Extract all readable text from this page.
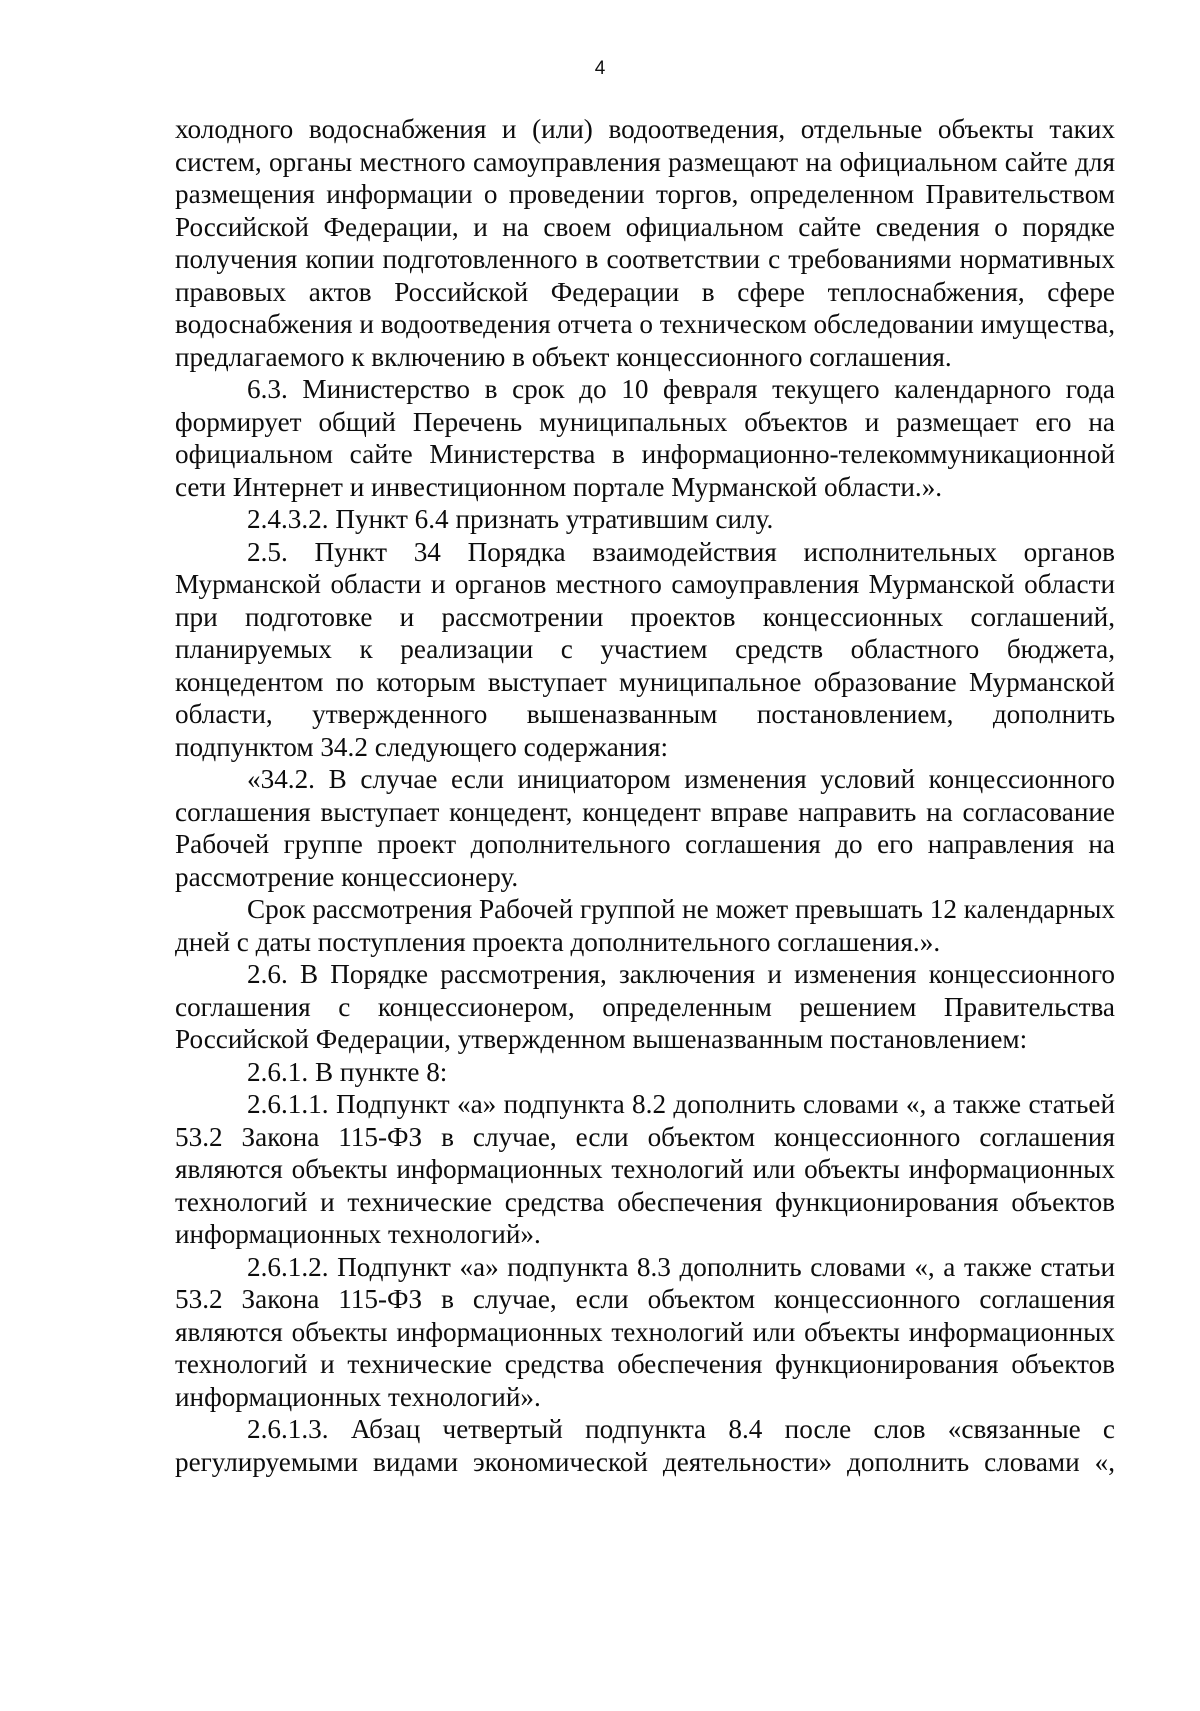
4

холодного водоснабжения и (или) водоотведения, отдельные объекты таких систем, органы местного самоуправления размещают на официальном сайте для размещения информации о проведении торгов, определенном Правительством Российской Федерации, и на своем официальном сайте сведения о порядке получения копии подготовленного в соответствии с требованиями нормативных правовых актов Российской Федерации в сфере теплоснабжения, сфере водоснабжения и водоотведения отчета о техническом обследовании имущества, предлагаемого к включению в объект концессионного соглашения.

6.3. Министерство в срок до 10 февраля текущего календарного года формирует общий Перечень муниципальных объектов и размещает его на официальном сайте Министерства в информационно-телекоммуникационной сети Интернет и инвестиционном портале Мурманской области.».

2.4.3.2. Пункт 6.4 признать утратившим силу.

2.5. Пункт 34 Порядка взаимодействия исполнительных органов Мурманской области и органов местного самоуправления Мурманской области при подготовке и рассмотрении проектов концессионных соглашений, планируемых к реализации с участием средств областного бюджета, концедентом по которым выступает муниципальное образование Мурманской области, утвержденного вышеназванным постановлением, дополнить подпунктом 34.2 следующего содержания:

«34.2. В случае если инициатором изменения условий концессионного соглашения выступает концедент, концедент вправе направить на согласование Рабочей группе проект дополнительного соглашения до его направления на рассмотрение концессионеру.

Срок рассмотрения Рабочей группой не может превышать 12 календарных дней с даты поступления проекта дополнительного соглашения.».

2.6. В Порядке рассмотрения, заключения и изменения концессионного соглашения с концессионером, определенным решением Правительства Российской Федерации, утвержденном вышеназванным постановлением:

2.6.1. В пункте 8:

2.6.1.1. Подпункт «а» подпункта 8.2 дополнить словами «, а также статьей 53.2 Закона 115-ФЗ в случае, если объектом концессионного соглашения являются объекты информационных технологий или объекты информационных технологий и технические средства обеспечения функционирования объектов информационных технологий».

2.6.1.2. Подпункт «а» подпункта 8.3 дополнить словами «, а также статьи 53.2 Закона 115-ФЗ в случае, если объектом концессионного соглашения являются объекты информационных технологий или объекты информационных технологий и технические средства обеспечения функционирования объектов информационных технологий».

2.6.1.3. Абзац четвертый подпункта 8.4 после слов «связанные с регулируемыми видами экономической деятельности» дополнить словами «,
